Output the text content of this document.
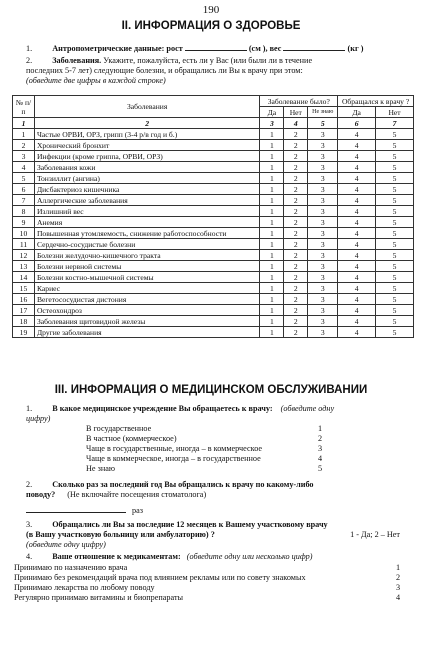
190
II. ИНФОРМАЦИЯ О ЗДОРОВЬЕ
1. Антропометрические данные: рост	(см ), вес	(кг )
2. Заболевания. Укажите, пожалуйста, есть ли у Вас (или были ли в течение
последних 5-7 лет) следующие болезни, и обращались ли Вы к врачу при этом:
(обведите две цифры в каждой строке)
№ п/п	Заболевания	Заболевание было?			Обращался к врачу ?	
		Да	Нет	Не знаю	Да	Нет
1	2	3	4	5	6	7
1	Частые ОРВИ, ОРЗ, грипп (3-4 р/в год и б.)	1	2	3	4	5
2	Хронический бронхит	1	2	3	4	5
3	Инфекции (кроме гриппа, ОРВИ, ОРЗ)	1	2	3	4	5
4	Заболевания кожи	1	2	3	4	5
5	Тонзиллит (ангина)	1	2	3	4	5
6	Дисбактериоз кишечника	1	2	3	4	5
7	Аллергические заболевания	1	2	3	4	5
8	Излишний вес	1	2	3	4	5
9	Анемия	1	2	3	4	5
10	Повышенная утомляемость, снижение работоспособности	1	2	3	4	5
11	Сердечно-сосудистые болезни	1	2	3	4	5
12	Болезни желудочно-кишечного тракта	1	2	3	4	5
13	Болезни нервной системы	1	2	3	4	5
14	Болезни костно-мышечной системы	1	2	3	4	5
15	Кариес	1	2	3	4	5
16	Вегетососудистая дистония	1	2	3	4	5
17	Остеохондроз	1	2	3	4	5
18	Заболевания щитовидной железы	1	2	3	4	5
19	Другие заболевания	1	2	3	4	5
III. ИНФОРМАЦИЯ О МЕДИЦИНСКОМ ОБСЛУЖИВАНИИ
1. В какое медицинское учреждение Вы обращаетесь к врачу: (обведите одну
цифру)
В государственное	1
В частное (коммерческое)	2
Чаще в государственные, иногда – в коммерческое	3
Чаще в коммерческое, иногда – в государственное	4
Не знаю	5
2. Сколько раз за последний год Вы обращались к врачу по какому-либо
поводу? (Не включайте посещения стоматолога)
раз
3. Обращались ли Вы за последние 12 месяцев к Вашему участковому врачу
(в Вашу участковую больницу или амбулаторию) ?	1 - Да; 2 – Нет
(обведите одну цифру)
4. Ваше отношение к медикаментам: (обведите одну или несколько цифр)
Принимаю по назначению врача	1
Принимаю без рекомендаций врача под влиянием рекламы или по совету знакомых	2
Принимаю лекарства по любому поводу	3
Регулярно принимаю витамины и биопрепараты	4
